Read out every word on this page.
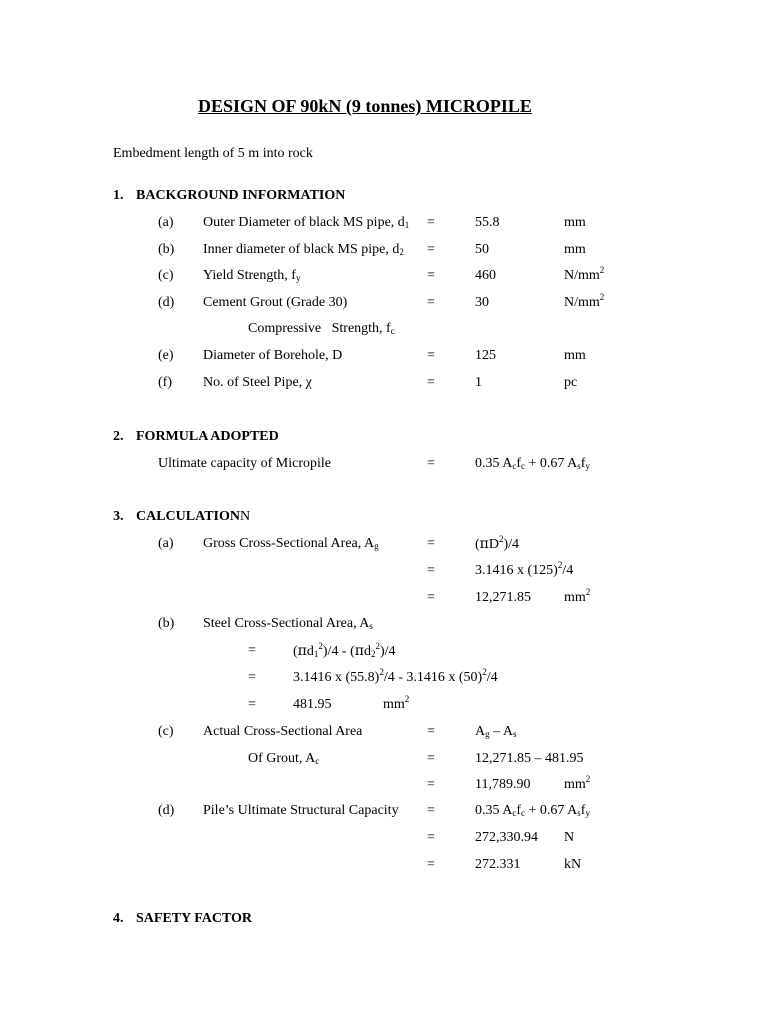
DESIGN OF 90kN (9 tonnes) MICROPILE
Embedment length of 5 m into rock
1. BACKGROUND INFORMATION
(a) Outer Diameter of black MS pipe, $d_1$ =	55.8	mm
(b) Inner diameter of black MS pipe, $d_2$ =	50	mm
(c) Yield Strength, $f_y$	=	460	$N/mm^2$
(d) Cement Grout (Grade 30)	=	30	$N/mm^2$
Compressive   Strength, $f_c$
(e) Diameter of Borehole, D	=	125	mm
(f) No. of Steel Pipe, χ	=	1	pc
2. FORMULA ADOPTED
Ultimate capacity of Micropile	=	0.35 $A_cf_c + 0.67$ $A_sf_y$
3. CALCULATIONN
(a) Gross Cross-Sectional Area, $A_g$	=	$(\pi D^2)/4$
=	3.1416 x $(125)^2/4$
=	12,271.85 $mm^2$
(b) Steel Cross-Sectional Area, $A_s$
=	$(\pi d_1^2)/4 - (\pi d_2^2)/4$
=	3.1416 x $(55.8)^2/4 - 3.1416$ x $(50)^2/4$
=	481.95	$mm^2$
(c) Actual Cross-Sectional Area	=	$A_g - A_s$
Of Grout, $A_c$	=	12,271.85 – 481.95
=	11,789.90 $mm^2$
(d) Pile’s Ultimate Structural Capacity =	0.35 $A_cf_c + 0.67$ $A_sf_y$
=	272,330.94 N
=	272.331	kN
4. SAFETY FACTOR
